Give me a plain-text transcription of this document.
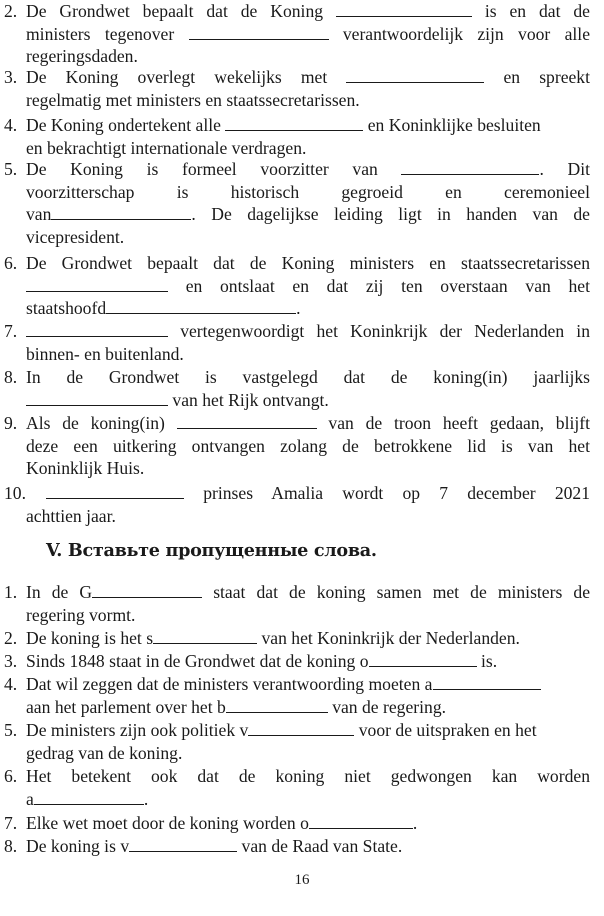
2. De Grondwet bepaalt dat de Koning	is en dat de
ministers tegenover	verantwoordelijk zijn voor alle
regeringsdaden.
3. De Koning overlegt wekelijks met	en spreekt
regelmatig met ministers en staatssecretarissen.
4. De Koning ondertekent alle	en Koninklijke besluiten
en bekrachtigt internationale verdragen.
5. De Koning is formeel voorzitter van	. Dit
voorzitterschap is historisch gegroeid en ceremonieel
van	. De dagelijkse leiding ligt in handen van de
vicepresident.
6. De Grondwet bepaalt dat de Koning ministers en staatssecretarissen
en ontslaat en dat zij ten overstaan van het
staatshoofd	.
7.	vertegenwoordigt het Koninkrijk der Nederlanden in
binnen- en buitenland.
8. In de Grondwet is vastgelegd dat de koning(in) jaarlijks
van het Rijk ontvangt.
9. Als de koning(in)	van de troon heeft gedaan, blijft
deze een uitkering ontvangen zolang de betrokkene lid is van het
Koninklijk Huis.
10.	prinses Amalia wordt op 7 december 2021
achttien jaar.
V. Вставьте пропущенные слова.
1. In de G	staat dat de koning samen met de ministers de
regering vormt.
2. De koning is het s	van het Koninkrijk der Nederlanden.
3. Sinds 1848 staat in de Grondwet dat de koning o	is.
4. Dat wil zeggen dat de ministers verantwoording moeten a
aan het parlement over het b	van de regering.
5. De ministers zijn ook politiek v	voor de uitspraken en het
gedrag van de koning.
6. Het betekent ook dat de koning niet gedwongen kan worden
a	.
7. Elke wet moet door de koning worden o	.
8. De koning is v	van de Raad van State.
16
